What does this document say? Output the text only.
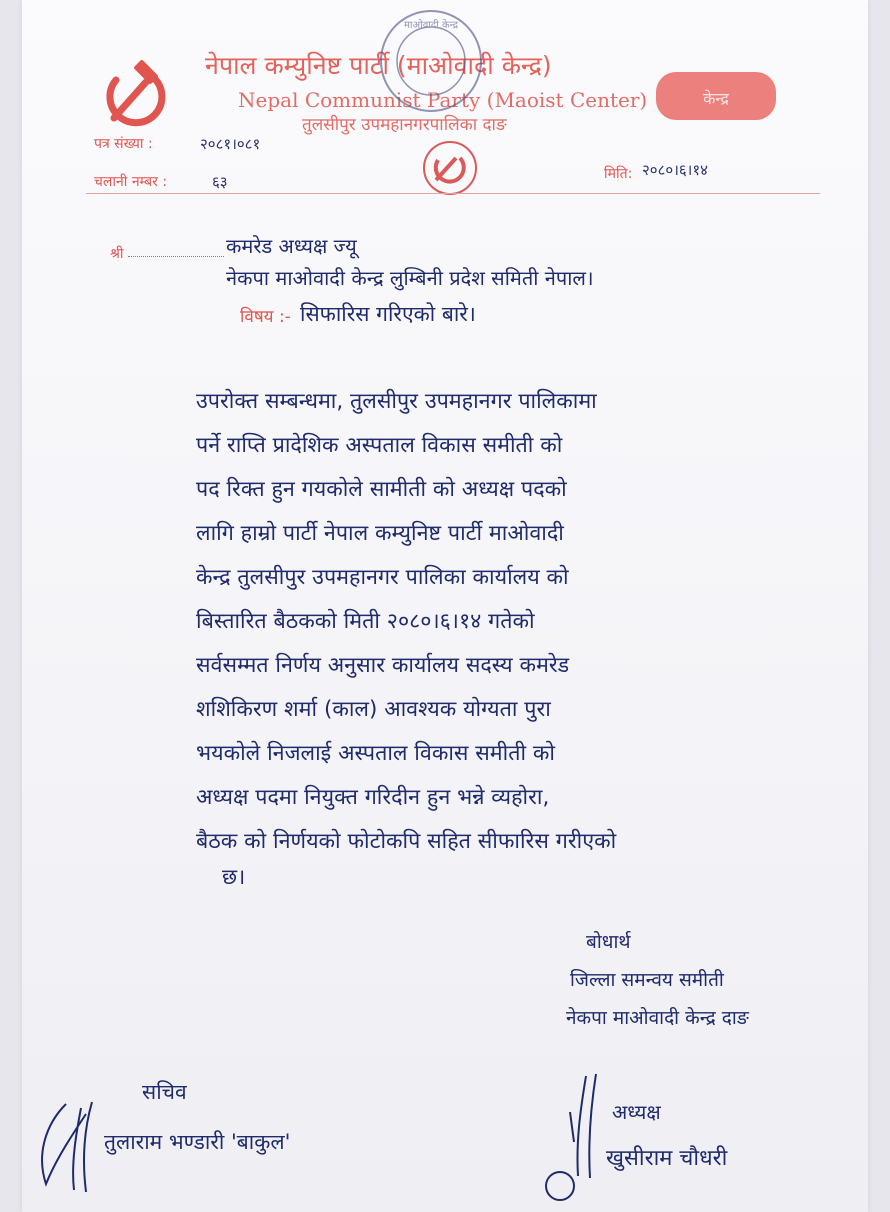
नेपाल कम्युनिष्ट पार्टी (माओवादी केन्द्र)
Nepal Communist Party (Maoist Center)
तुलसीपुर उपमहानगरपालिका दाङ
माओवादी केन्द्र
केन्द्र
पत्र संख्या :	२०८१।०८१
चलानी नम्बर :	६३	मिति: २०८०।६।१४
श्री	कमरेड अध्यक्ष ज्यू
नेकपा माओवादी केन्द्र लुम्बिनी प्रदेश समिती नेपाल।
विषय :- सिफारिस गरिएको बारे।
उपरोक्त सम्बन्धमा, तुलसीपुर उपमहानगर पालिकामा
पर्ने राप्ति प्रादेशिक अस्पताल विकास समीती को
पद रिक्त हुन गयकोले सामीती को अध्यक्ष पदको
लागि हाम्रो पार्टी नेपाल कम्युनिष्ट पार्टी माओवादी
केन्द्र तुलसीपुर उपमहानगर पालिका कार्यालय को
बिस्तारित बैठकको मिती २०८०।६।१४ गतेको
सर्वसम्मत निर्णय अनुसार कार्यालय सदस्य कमरेड
शशिकिरण शर्मा (काल) आवश्यक योग्यता पुरा
भयकोले निजलाई अस्पताल विकास समीती को
अध्यक्ष पदमा नियुक्त गरिदीन हुन भन्ने व्यहोरा,
बैठक को निर्णयको फोटोकपि सहित सीफारिस गरीएको
छ।
बोधार्थ
जिल्ला समन्वय समीती
नेकपा माओवादी केन्द्र दाङ
सचिव
तुलाराम भण्डारी 'बाकुल'
अध्यक्ष
खुसीराम चौधरी
